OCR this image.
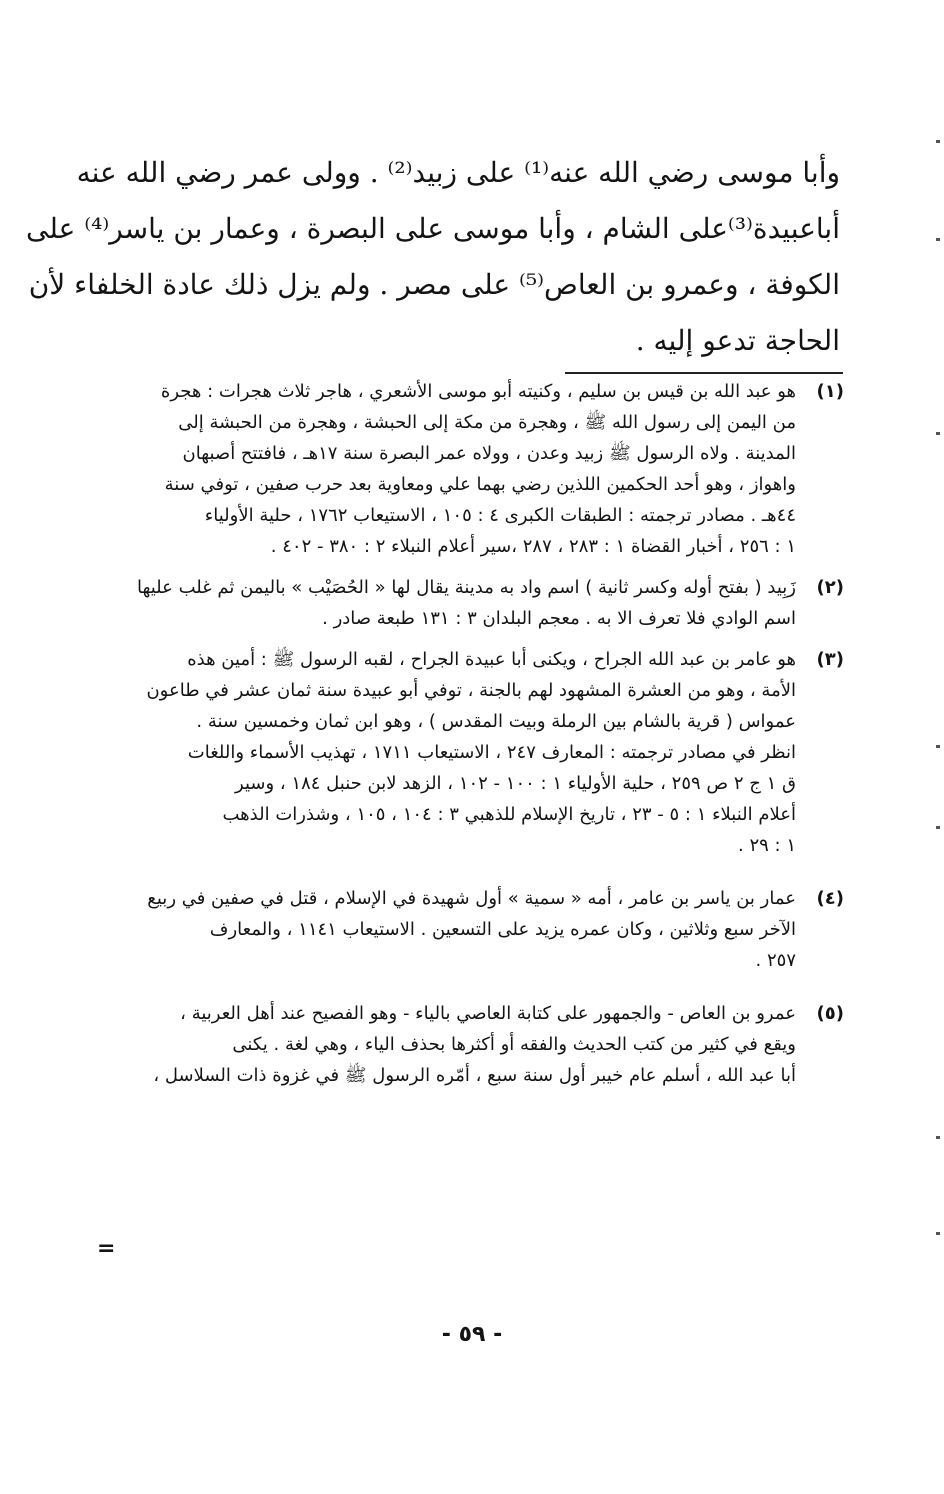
وأبا موسى رضي الله عنه⁽¹⁾ على زبيد⁽²⁾ . وولى عمر رضي الله عنه
أباعبيدة⁽³⁾على الشام ، وأبا موسى على البصرة ، وعمار بن ياسر⁽⁴⁾ على
الكوفة ، وعمرو بن العاص⁽⁵⁾ على مصر . ولم يزل ذلك عادة الخلفاء لأن
الحاجة تدعو إليه .
(١)
هو عبد الله بن قيس بن سليم ، وكنيته أبو موسى الأشعري ، هاجر ثلاث هجرات : هجرة
من اليمن إلى رسول الله ﷺ ، وهجرة من مكة إلى الحبشة ، وهجرة من الحبشة إلى
المدينة . ولاه الرسول ﷺ زبيد وعدن ، وولاه عمر البصرة سنة ١٧هـ ، فافتتح أصبهان
واهواز ، وهو أحد الحكمين اللذين رضي بهما علي ومعاوية بعد حرب صفين ، توفي سنة
٤٤هـ . مصادر ترجمته : الطبقات الكبرى ٤ : ١٠٥ ، الاستيعاب ١٧٦٢ ، حلية الأولياء
١ : ٢٥٦ ، أخبار القضاة ١ : ٢٨٣ ، ٢٨٧ ،سير أعلام النبلاء ٢ : ٣٨٠ - ٤٠٢ .
(٢)
زَبِيد ( بفتح أوله وكسر ثانية ) اسم واد به مدينة يقال لها « الحُصَيْب » باليمن ثم غلب عليها
اسم الوادي فلا تعرف الا به . معجم البلدان ٣ : ١٣١ طبعة صادر .
(٣)
هو عامر بن عبد الله الجراح ، ويكنى أبا عبيدة الجراح ، لقبه الرسول ﷺ : أمين هذه
الأمة ، وهو من العشرة المشهود لهم بالجنة ، توفي أبو عبيدة سنة ثمان عشر في طاعون
عمواس ( قرية بالشام بين الرملة وبيت المقدس ) ، وهو ابن ثمان وخمسين سنة .
انظر في مصادر ترجمته : المعارف ٢٤٧ ، الاستيعاب ١٧١١ ، تهذيب الأسماء واللغات
ق ١ ج ٢ ص ٢٥٩ ، حلية الأولياء ١ : ١٠٠ - ١٠٢ ، الزهد لابن حنبل ١٨٤ ، وسير
أعلام النبلاء ١ : ٥ - ٢٣ ، تاريخ الإسلام للذهبي ٣ : ١٠٤ ، ١٠٥ ، وشذرات الذهب
١ : ٢٩ .
(٤)
عمار بن ياسر بن عامر ، أمه « سمية » أول شهيدة في الإسلام ، قتل في صفين في ربيع
الآخر سبع وثلاثين ، وكان عمره يزيد على التسعين . الاستيعاب ١١٤١ ، والمعارف
٢٥٧ .
(٥)
عمرو بن العاص - والجمهور على كتابة العاصي بالياء - وهو الفصيح عند أهل العربية ،
ويقع في كثير من كتب الحديث والفقه أو أكثرها بحذف الياء ، وهي لغة . يكنى
أبا عبد الله ، أسلم عام خيبر أول سنة سبع ، أمّره الرسول ﷺ في غزوة ذات السلاسل ،
=
- ٥٩ -
